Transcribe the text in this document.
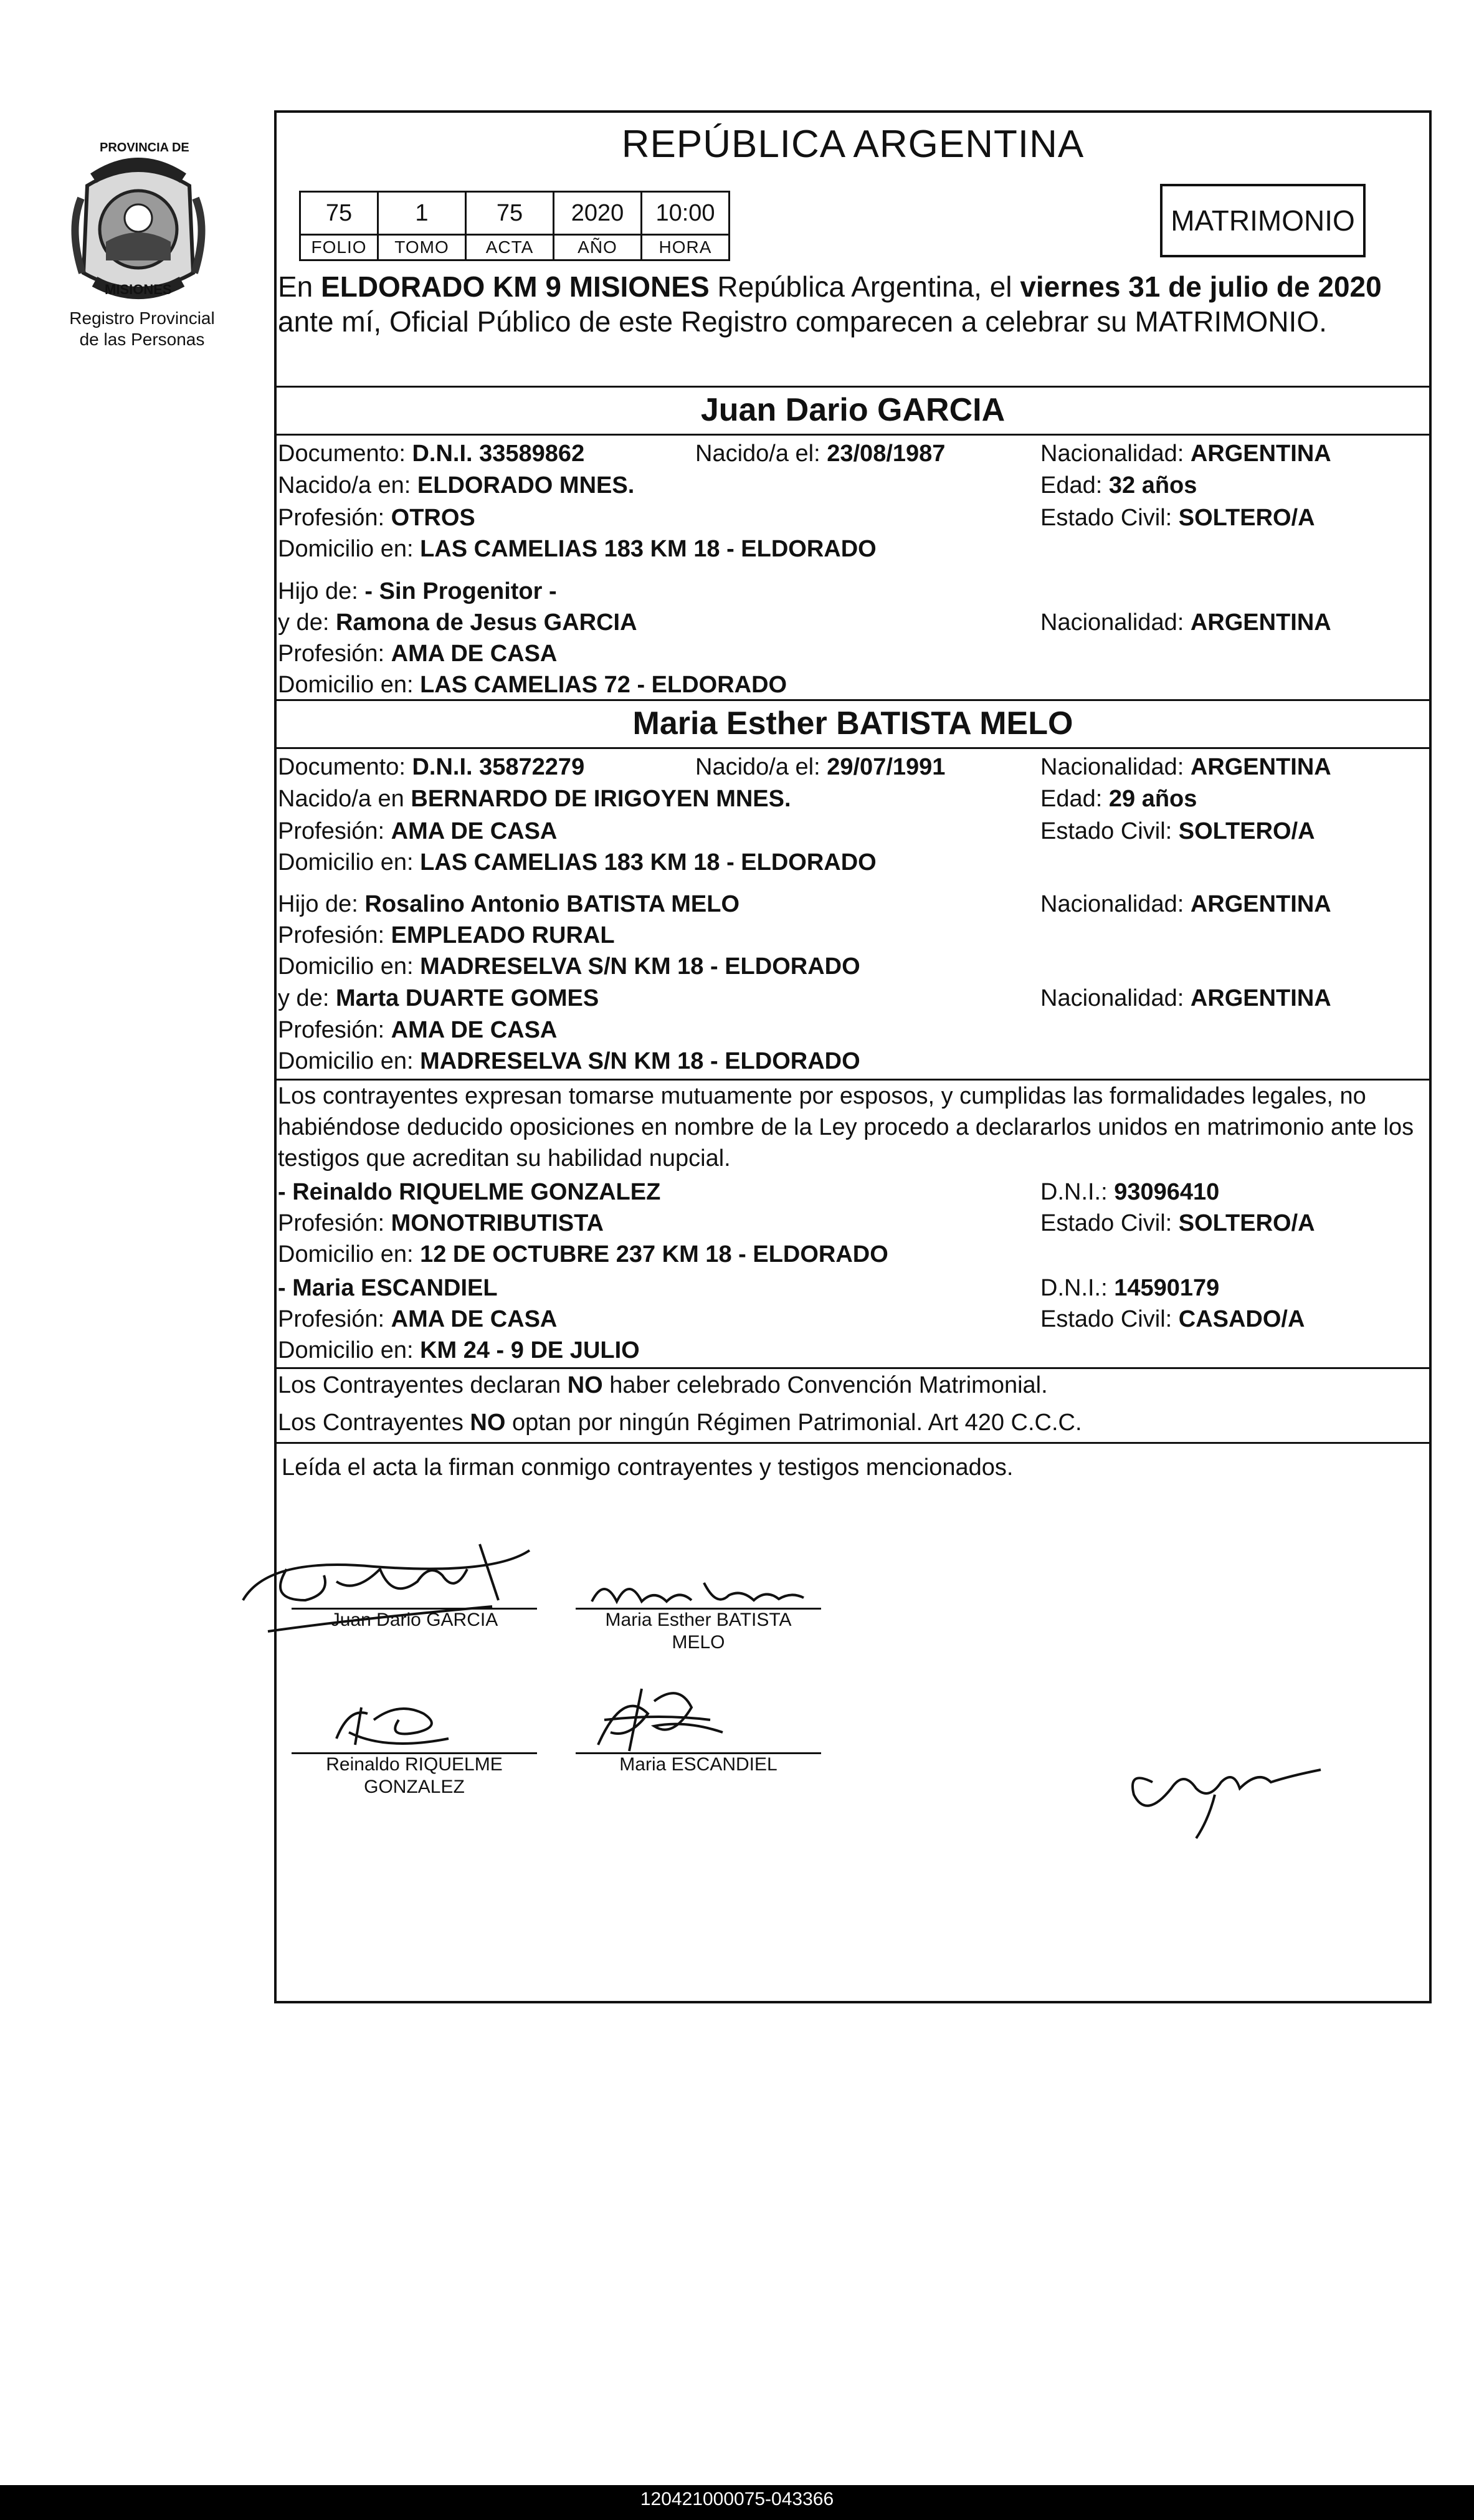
Registro Provincial
de las Personas
PROVINCIA DE
MISIONES
REPÚBLICA ARGENTINA
75	1	75	2020	10:00
FOLIO	TOMO	ACTA	AÑO	HORA
MATRIMONIO
En ELDORADO KM 9 MISIONES República Argentina, el viernes 31 de julio de 2020 ante mí, Oficial Público de este Registro comparecen a celebrar su MATRIMONIO.
Juan Dario GARCIA
Documento: D.N.I. 33589862	Nacido/a el: 23/08/1987	Nacionalidad: ARGENTINA
Nacido/a en: ELDORADO MNES.	Edad: 32 años
Profesión: OTROS	Estado Civil: SOLTERO/A
Domicilio en: LAS CAMELIAS 183 KM 18 - ELDORADO
Hijo de: - Sin Progenitor -
y de: Ramona de Jesus GARCIA	Nacionalidad: ARGENTINA
Profesión: AMA DE CASA
Domicilio en: LAS CAMELIAS 72 - ELDORADO
Maria Esther BATISTA MELO
Documento: D.N.I. 35872279	Nacido/a el: 29/07/1991	Nacionalidad: ARGENTINA
Nacido/a en BERNARDO DE IRIGOYEN MNES.	Edad: 29 años
Profesión: AMA DE CASA	Estado Civil: SOLTERO/A
Domicilio en: LAS CAMELIAS 183 KM 18 - ELDORADO
Hijo de: Rosalino Antonio BATISTA MELO	Nacionalidad: ARGENTINA
Profesión: EMPLEADO RURAL
Domicilio en: MADRESELVA S/N KM 18 - ELDORADO
y de: Marta DUARTE GOMES	Nacionalidad: ARGENTINA
Profesión: AMA DE CASA
Domicilio en: MADRESELVA S/N KM 18 - ELDORADO
Los contrayentes expresan tomarse mutuamente por esposos, y cumplidas las formalidades legales, no habiéndose deducido oposiciones en nombre de la Ley procedo a declararlos unidos en matrimonio ante los testigos que acreditan su habilidad nupcial.
- Reinaldo RIQUELME GONZALEZ	D.N.I.: 93096410
Profesión: MONOTRIBUTISTA	Estado Civil: SOLTERO/A
Domicilio en: 12 DE OCTUBRE 237 KM 18 - ELDORADO
- Maria ESCANDIEL	D.N.I.: 14590179
Profesión: AMA DE CASA	Estado Civil: CASADO/A
Domicilio en: KM 24 - 9 DE JULIO
Los Contrayentes declaran NO haber celebrado Convención Matrimonial.
Los Contrayentes NO optan por ningún Régimen Patrimonial. Art 420 C.C.C.
Leída el acta la firman conmigo contrayentes y testigos mencionados.
Juan Dario GARCIA	Maria Esther BATISTA
MELO
Reinaldo RIQUELME
GONZALEZ
Maria ESCANDIEL
120421000075-043366
